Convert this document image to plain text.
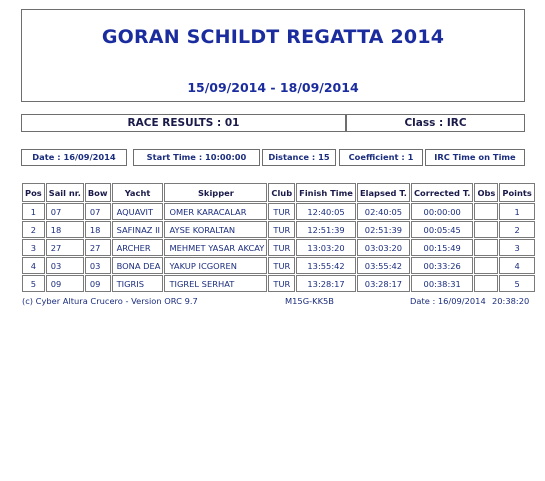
GORAN SCHILDT REGATTA 2014
15/09/2014 - 18/09/2014
RACE RESULTS : 01	Class : IRC
Date : 16/09/2014	Start Time : 10:00:00	Distance : 15	Coefficient : 1	IRC Time on Time
Pos	Sail nr.	Bow	Yacht	Skipper	Club	Finish Time	Elapsed T.	Corrected T.	Obs	Points
1	07	07	AQUAVIT	OMER KARACALAR	TUR	12:40:05	02:40:05	00:00:00		1
2	18	18	SAFINAZ II	AYSE KORALTAN	TUR	12:51:39	02:51:39	00:05:45		2
3	27	27	ARCHER	MEHMET YASAR AKCAY	TUR	13:03:20	03:03:20	00:15:49		3
4	03	03	BONA DEA	YAKUP ICGOREN	TUR	13:55:42	03:55:42	00:33:26		4
5	09	09	TIGRIS	TIGREL SERHAT	TUR	13:28:17	03:28:17	00:38:31		5
(c) Cyber Altura Crucero - Version ORC 9.7	M15G-KK5B	Date : 16/09/2014 20:38:20
